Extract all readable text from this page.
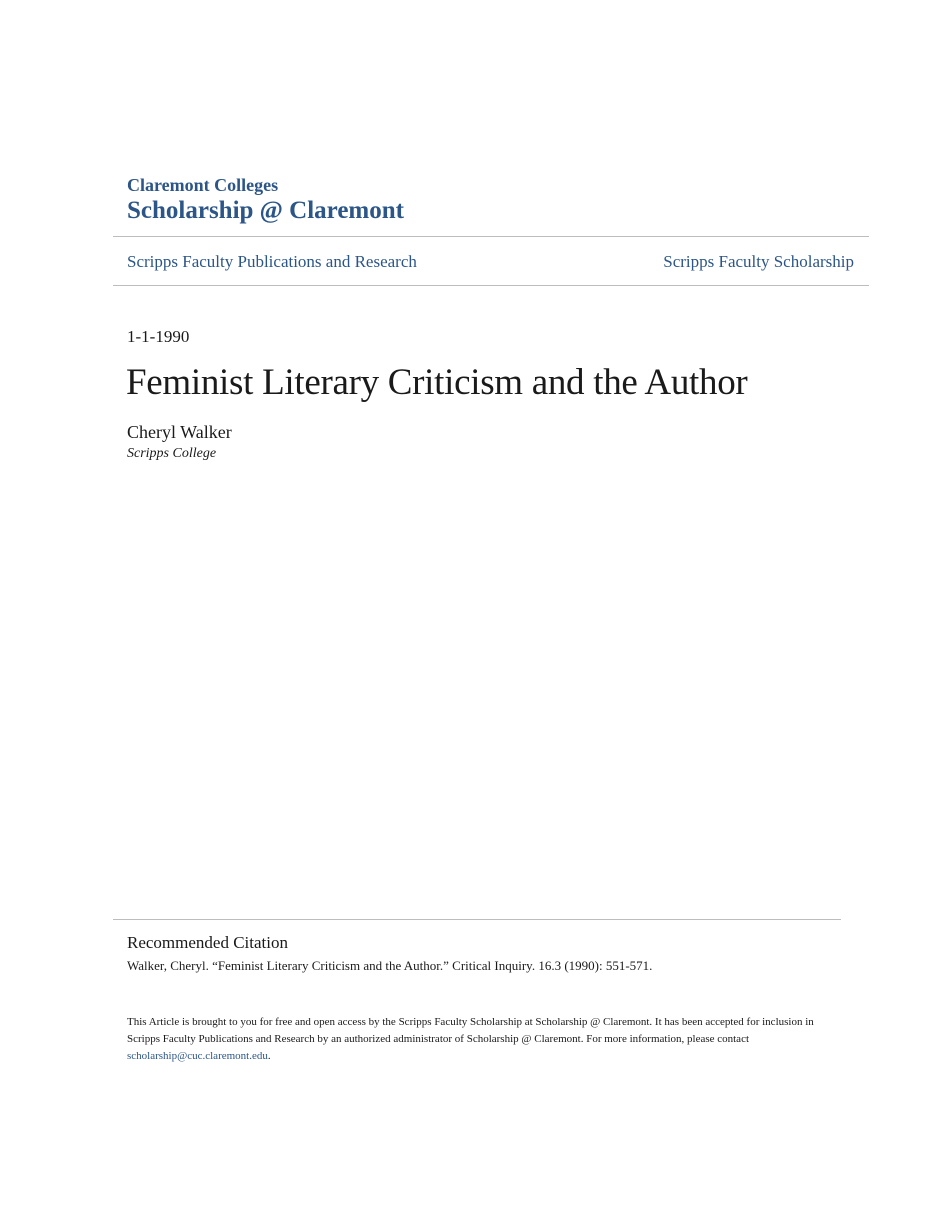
Claremont Colleges
Scholarship @ Claremont
Scripps Faculty Publications and Research	Scripps Faculty Scholarship
1-1-1990
Feminist Literary Criticism and the Author
Cheryl Walker
Scripps College
Recommended Citation
Walker, Cheryl. “Feminist Literary Criticism and the Author.” Critical Inquiry. 16.3 (1990): 551-571.
This Article is brought to you for free and open access by the Scripps Faculty Scholarship at Scholarship @ Claremont. It has been accepted for inclusion in Scripps Faculty Publications and Research by an authorized administrator of Scholarship @ Claremont. For more information, please contact scholarship@cuc.claremont.edu.
